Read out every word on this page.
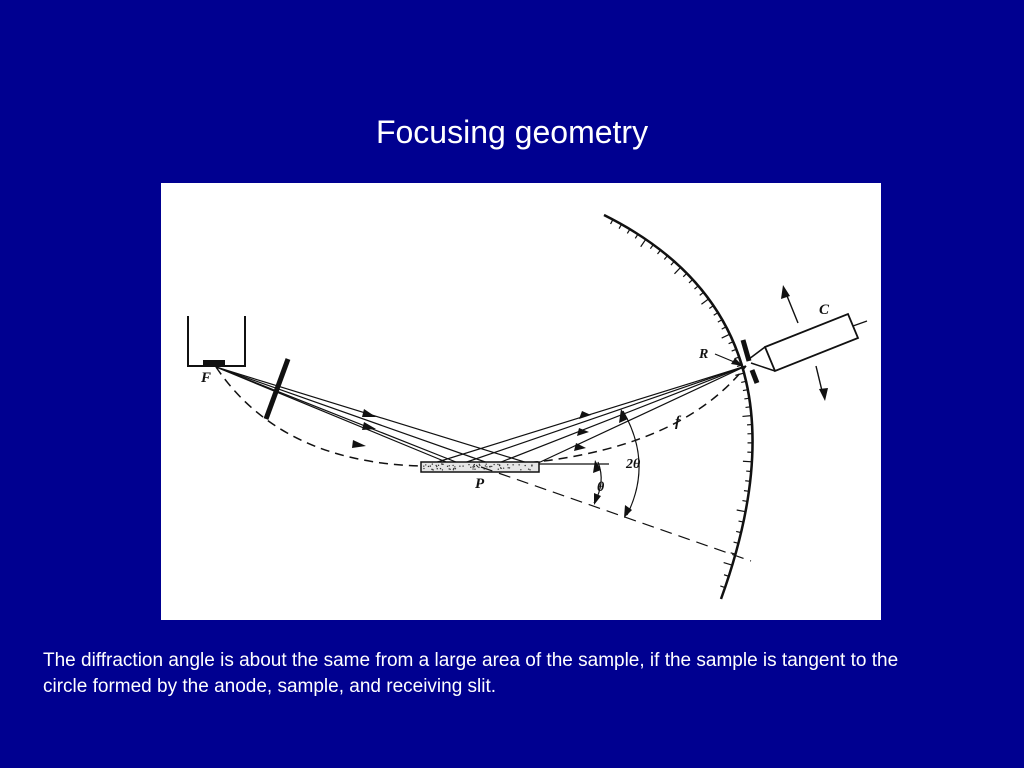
Focusing geometry
F
P
R
C
f
θ
2θ
The diffraction angle is about the same from a large area of the sample, if the sample is tangent to the circle formed by the anode, sample, and receiving slit.
